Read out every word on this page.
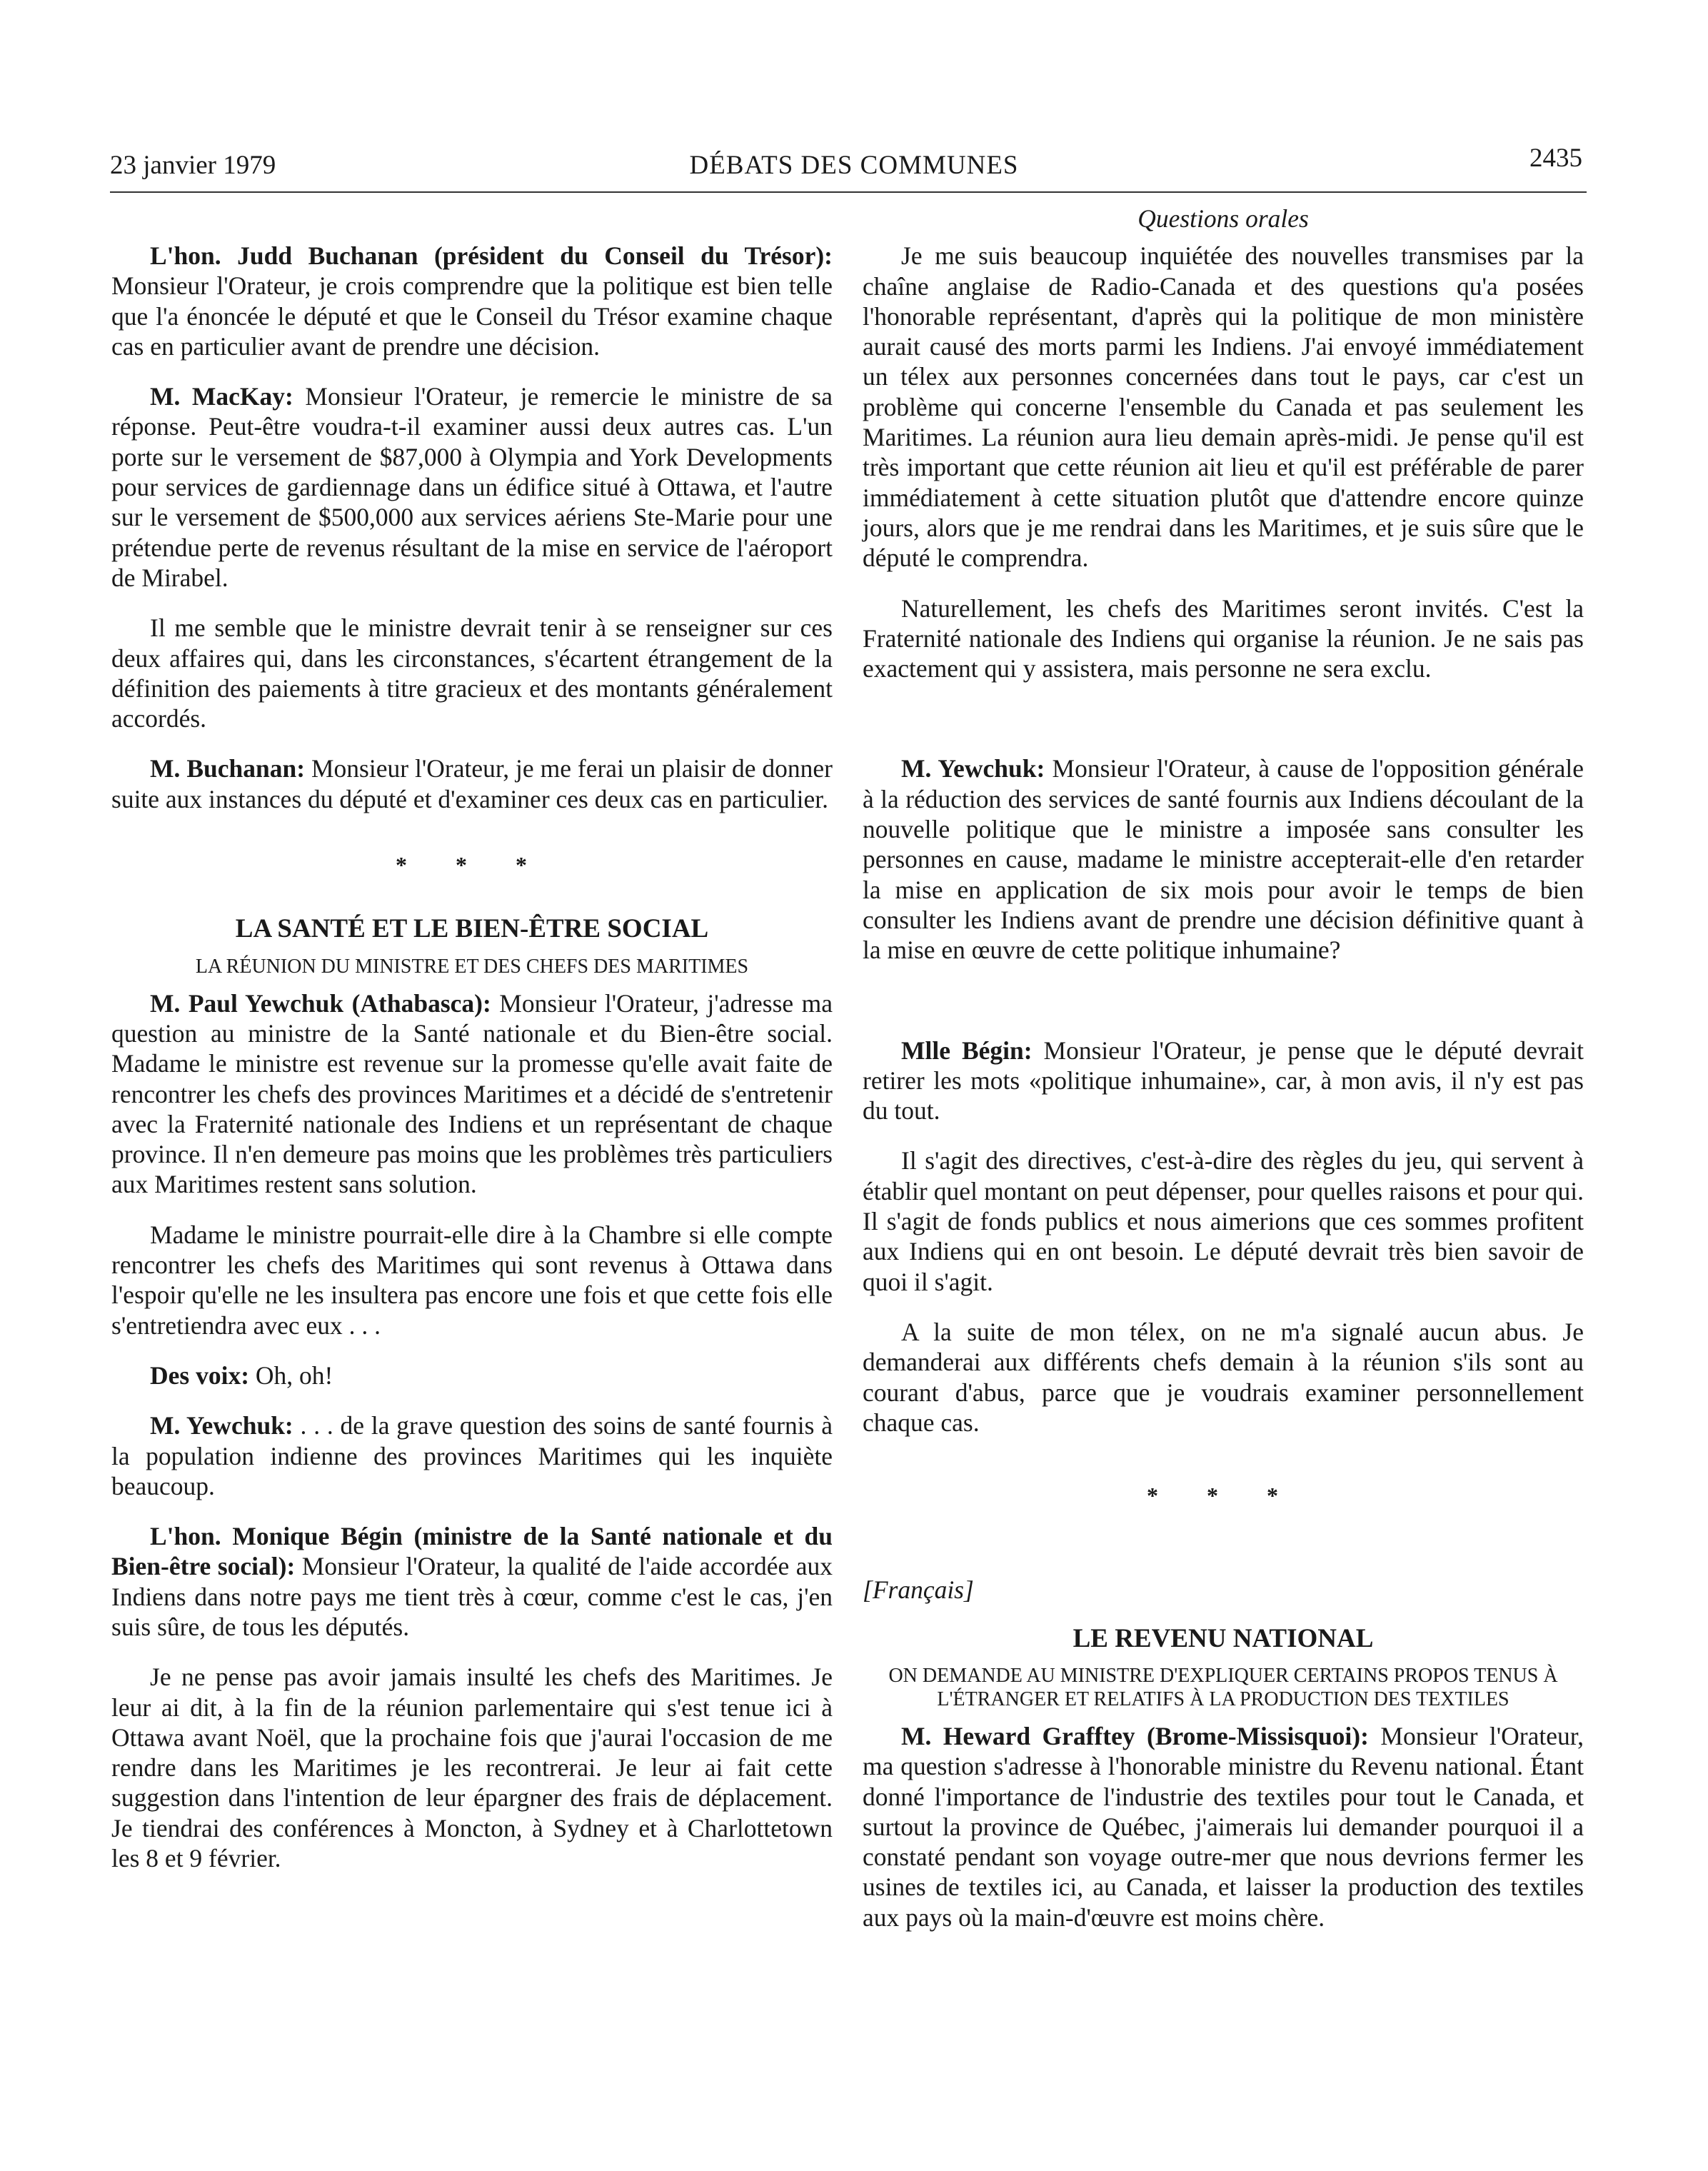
23 janvier 1979	DÉBATS DES COMMUNES	2435

L'hon. Judd Buchanan (président du Conseil du Trésor): Monsieur l'Orateur, je crois comprendre que la politique est bien telle que l'a énoncée le député et que le Conseil du Trésor examine chaque cas en particulier avant de prendre une décision.

M. MacKay: Monsieur l'Orateur, je remercie le ministre de sa réponse. Peut-être voudra-t-il examiner aussi deux autres cas. L'un porte sur le versement de $87,000 à Olympia and York Developments pour services de gardiennage dans un édifice situé à Ottawa, et l'autre sur le versement de $500,000 aux services aériens Ste-Marie pour une prétendue perte de revenus résultant de la mise en service de l'aéroport de Mirabel.

Il me semble que le ministre devrait tenir à se renseigner sur ces deux affaires qui, dans les circonstances, s'écartent étrangement de la définition des paiements à titre gracieux et des montants généralement accordés.

M. Buchanan: Monsieur l'Orateur, je me ferai un plaisir de donner suite aux instances du député et d'examiner ces deux cas en particulier.

* * *
LA SANTÉ ET LE BIEN-ÊTRE SOCIAL
LA RÉUNION DU MINISTRE ET DES CHEFS DES MARITIMES

M. Paul Yewchuk (Athabasca): Monsieur l'Orateur, j'adresse ma question au ministre de la Santé nationale et du Bien-être social. Madame le ministre est revenue sur la promesse qu'elle avait faite de rencontrer les chefs des provinces Maritimes et a décidé de s'entretenir avec la Fraternité nationale des Indiens et un représentant de chaque province. Il n'en demeure pas moins que les problèmes très particuliers aux Maritimes restent sans solution.

Madame le ministre pourrait-elle dire à la Chambre si elle compte rencontrer les chefs des Maritimes qui sont revenus à Ottawa dans l'espoir qu'elle ne les insultera pas encore une fois et que cette fois elle s'entretiendra avec eux . . .

Des voix: Oh, oh!

M. Yewchuk: . . . de la grave question des soins de santé fournis à la population indienne des provinces Maritimes qui les inquiète beaucoup.

L'hon. Monique Bégin (ministre de la Santé nationale et du Bien-être social): Monsieur l'Orateur, la qualité de l'aide accordée aux Indiens dans notre pays me tient très à cœur, comme c'est le cas, j'en suis sûre, de tous les députés.

Je ne pense pas avoir jamais insulté les chefs des Maritimes. Je leur ai dit, à la fin de la réunion parlementaire qui s'est tenue ici à Ottawa avant Noël, que la prochaine fois que j'aurai l'occasion de me rendre dans les Maritimes je les recontrerai. Je leur ai fait cette suggestion dans l'intention de leur épargner des frais de déplacement. Je tiendrai des conférences à Moncton, à Sydney et à Charlottetown les 8 et 9 février.

Questions orales

Je me suis beaucoup inquiétée des nouvelles transmises par la chaîne anglaise de Radio-Canada et des questions qu'a posées l'honorable représentant, d'après qui la politique de mon ministère aurait causé des morts parmi les Indiens. J'ai envoyé immédiatement un télex aux personnes concernées dans tout le pays, car c'est un problème qui concerne l'ensemble du Canada et pas seulement les Maritimes. La réunion aura lieu demain après-midi. Je pense qu'il est très important que cette réunion ait lieu et qu'il est préférable de parer immédiatement à cette situation plutôt que d'attendre encore quinze jours, alors que je me rendrai dans les Maritimes, et je suis sûre que le député le comprendra.

Naturellement, les chefs des Maritimes seront invités. C'est la Fraternité nationale des Indiens qui organise la réunion. Je ne sais pas exactement qui y assistera, mais personne ne sera exclu.

M. Yewchuk: Monsieur l'Orateur, à cause de l'opposition générale à la réduction des services de santé fournis aux Indiens découlant de la nouvelle politique que le ministre a imposée sans consulter les personnes en cause, madame le ministre accepterait-elle d'en retarder la mise en application de six mois pour avoir le temps de bien consulter les Indiens avant de prendre une décision définitive quant à la mise en œuvre de cette politique inhumaine?

Mlle Bégin: Monsieur l'Orateur, je pense que le député devrait retirer les mots «politique inhumaine», car, à mon avis, il n'y est pas du tout.

Il s'agit des directives, c'est-à-dire des règles du jeu, qui servent à établir quel montant on peut dépenser, pour quelles raisons et pour qui. Il s'agit de fonds publics et nous aimerions que ces sommes profitent aux Indiens qui en ont besoin. Le député devrait très bien savoir de quoi il s'agit.

A la suite de mon télex, on ne m'a signalé aucun abus. Je demanderai aux différents chefs demain à la réunion s'ils sont au courant d'abus, parce que je voudrais examiner personnellement chaque cas.

* * *
[Français]
LE REVENU NATIONAL
ON DEMANDE AU MINISTRE D'EXPLIQUER CERTAINS PROPOS TENUS À L'ÉTRANGER ET RELATIFS À LA PRODUCTION DES TEXTILES

M. Heward Grafftey (Brome-Missisquoi): Monsieur l'Orateur, ma question s'adresse à l'honorable ministre du Revenu national. Étant donné l'importance de l'industrie des textiles pour tout le Canada, et surtout la province de Québec, j'aimerais lui demander pourquoi il a constaté pendant son voyage outre-mer que nous devrions fermer les usines de textiles ici, au Canada, et laisser la production des textiles aux pays où la main-d'œuvre est moins chère.
